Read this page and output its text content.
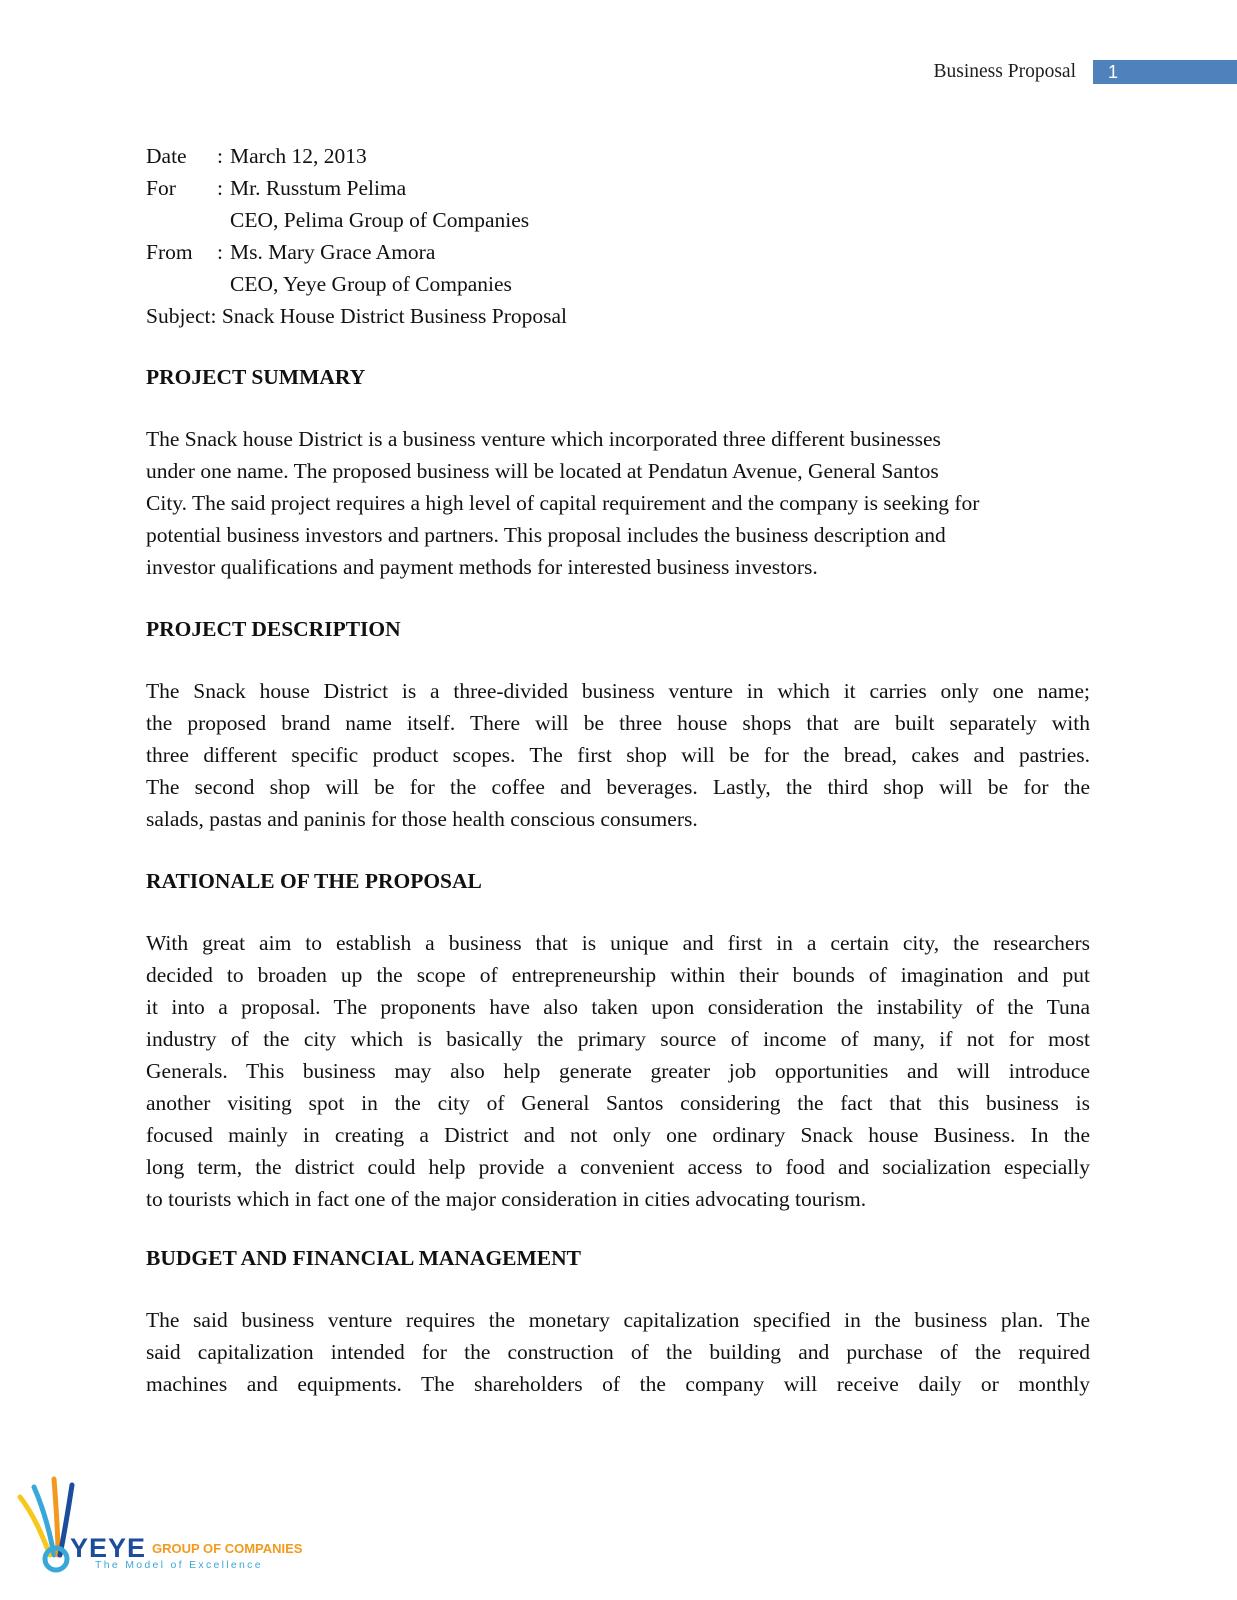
Business Proposal 1
Date : March 12, 2013
For : Mr. Russtum Pelima
CEO, Pelima Group of Companies
From : Ms. Mary Grace Amora
CEO, Yeye Group of Companies
Subject: Snack House District Business Proposal
PROJECT SUMMARY
The Snack house District is a business venture which incorporated three different businesses
under one name. The proposed business will be located at Pendatun Avenue, General Santos
City. The said project requires a high level of capital requirement and the company is seeking for
potential business investors and partners. This proposal includes the business description and
investor qualifications and payment methods for interested business investors.
PROJECT DESCRIPTION
The Snack house District is a three-divided business venture in which it carries only one name;
the proposed brand name itself. There will be three house shops that are built separately with
three different specific product scopes. The first shop will be for the bread, cakes and pastries.
The second shop will be for the coffee and beverages. Lastly, the third shop will be for the
salads, pastas and paninis for those health conscious consumers.
RATIONALE OF THE PROPOSAL
With great aim to establish a business that is unique and first in a certain city, the researchers
decided to broaden up the scope of entrepreneurship within their bounds of imagination and put
it into a proposal. The proponents have also taken upon consideration the instability of the Tuna
industry of the city which is basically the primary source of income of many, if not for most
Generals. This business may also help generate greater job opportunities and will introduce
another visiting spot in the city of General Santos considering the fact that this business is
focused mainly in creating a District and not only one ordinary Snack house Business. In the
long term, the district could help provide a convenient access to food and socialization especially
to tourists which in fact one of the major consideration in cities advocating tourism.
BUDGET AND FINANCIAL MANAGEMENT
The said business venture requires the monetary capitalization specified in the business plan. The
said capitalization intended for the construction of the building and purchase of the required
machines and equipments. The shareholders of the company will receive daily or monthly
YEYE GROUP OF COMPANIES
The Model of Excellence
